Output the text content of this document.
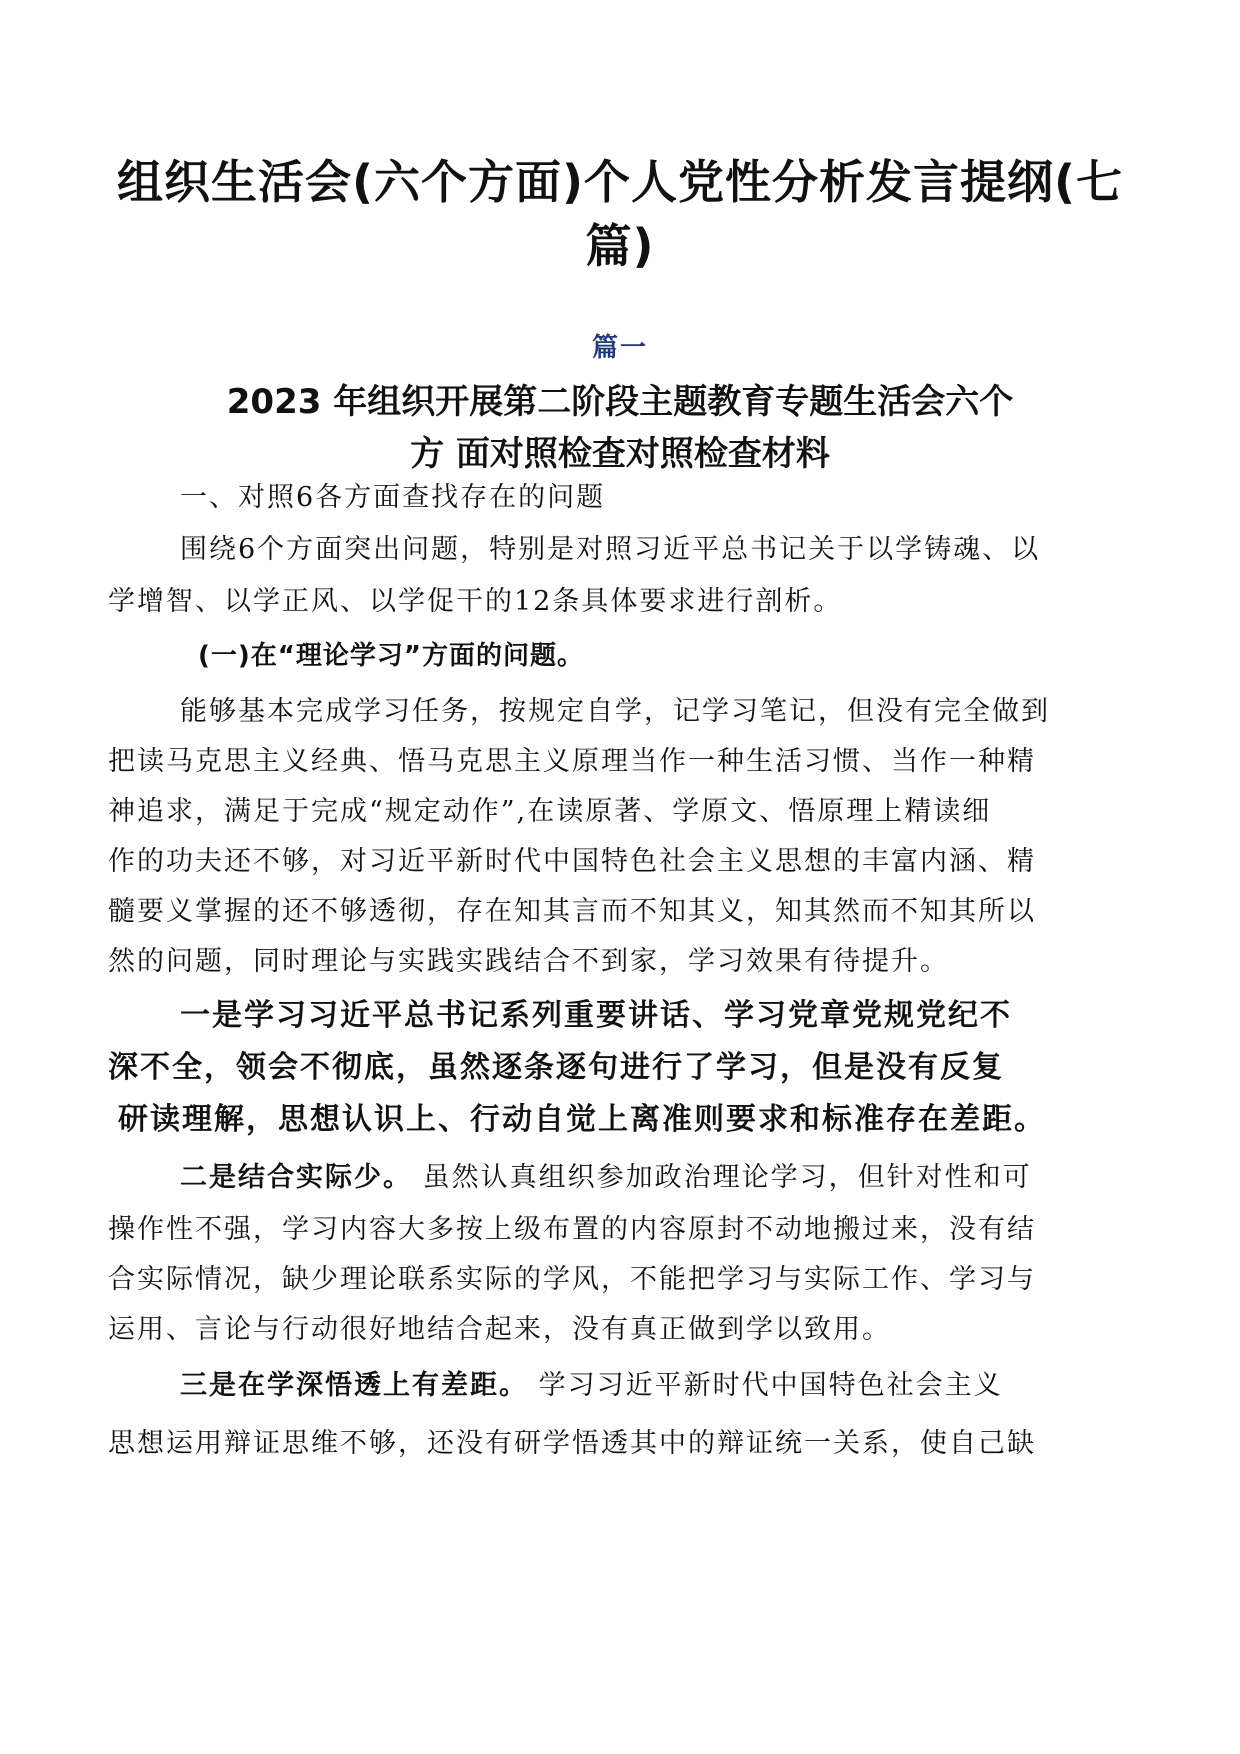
组织生活会(六个方面)个人党性分析发言提纲(七篇)
篇一
2023 年组织开展第二阶段主题教育专题生活会六个
方 面对照检查对照检查材料

一、对照6各方面查找存在的问题

围绕6个方面突出问题，特别是对照习近平总书记关于以学铸魂、以

学增智、以学正风、以学促干的12条具体要求进行剖析。

(一)在“理论学习”方面的问题。

能够基本完成学习任务，按规定自学，记学习笔记，但没有完全做到

把读马克思主义经典、悟马克思主义原理当作一种生活习惯、当作一种精

神追求，满足于完成“规定动作”,在读原著、学原文、悟原理上精读细

作的功夫还不够，对习近平新时代中国特色社会主义思想的丰富内涵、精

髓要义掌握的还不够透彻，存在知其言而不知其义，知其然而不知其所以

然的问题，同时理论与实践实践结合不到家，学习效果有待提升。

一是学习习近平总书记系列重要讲话、学习党章党规党纪不

深不全，领会不彻底，虽然逐条逐句进行了学习，但是没有反复

研读理解，思想认识上、行动自觉上离准则要求和标准存在差距。

二是结合实际少。 虽然认真组织参加政治理论学习，但针对性和可

操作性不强，学习内容大多按上级布置的内容原封不动地搬过来，没有结

合实际情况，缺少理论联系实际的学风，不能把学习与实际工作、学习与

运用、言论与行动很好地结合起来，没有真正做到学以致用。

三是在学深悟透上有差距。 学习习近平新时代中国特色社会主义

思想运用辩证思维不够，还没有研学悟透其中的辩证统一关系，使自己缺
